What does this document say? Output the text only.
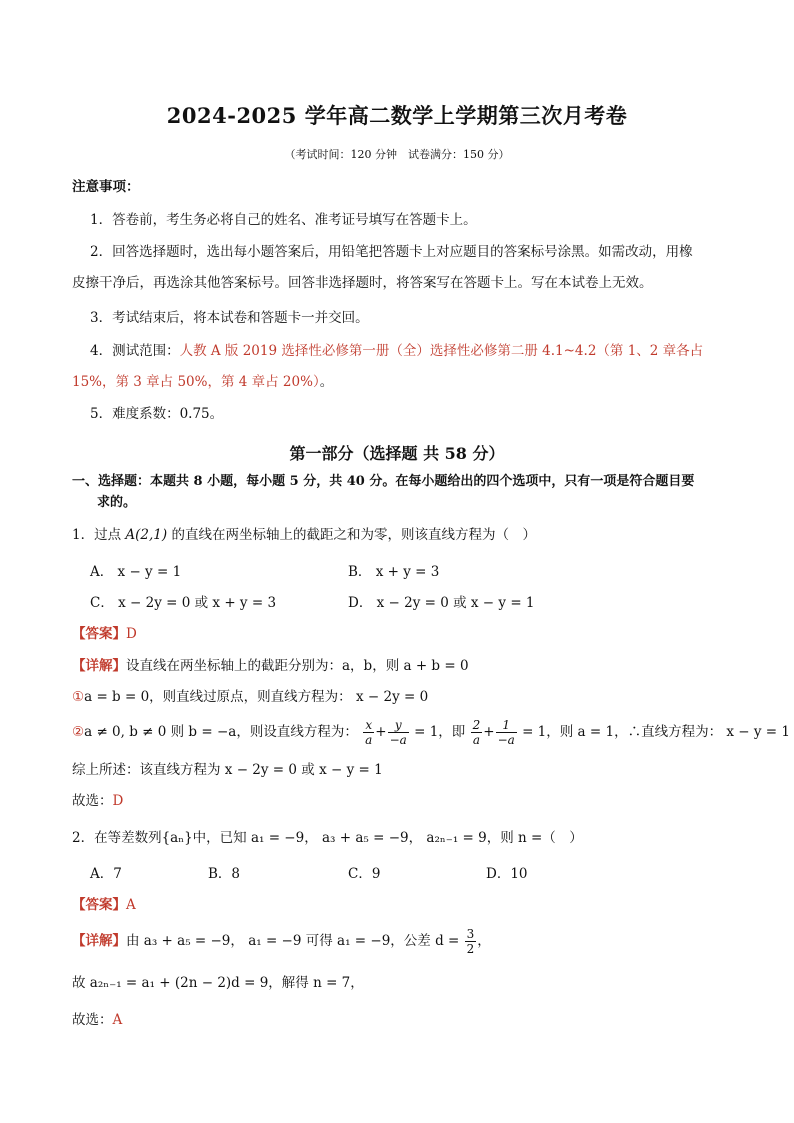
2024-2025 学年高二数学上学期第三次月考卷
（考试时间：120 分钟　试卷满分：150 分）
注意事项：
1．答卷前，考生务必将自己的姓名、准考证号填写在答题卡上。
2．回答选择题时，选出每小题答案后，用铅笔把答题卡上对应题目的答案标号涂黑。如需改动，用橡
皮擦干净后，再选涂其他答案标号。回答非选择题时，将答案写在答题卡上。写在本试卷上无效。
3．考试结束后，将本试卷和答题卡一并交回。
4．测试范围：人教 A 版 2019 选择性必修第一册（全）选择性必修第二册 4.1~4.2（第 1、2 章各占
15%，第 3 章占 50%，第 4 章占 20%）。
5．难度系数：0.75。
第一部分（选择题 共 58 分）
一、选择题：本题共 8 小题，每小题 5 分，共 40 分。在每小题给出的四个选项中，只有一项是符合题目要
求的。
1．过点 A(2,1) 的直线在两坐标轴上的截距之和为零，则该直线方程为（　）
A． x − y = 1	B． x + y = 3
C． x − 2y = 0 或 x + y = 3	D． x − 2y = 0 或 x − y = 1
【答案】D
【详解】设直线在两坐标轴上的截距分别为：a，b，则 a + b = 0
①a = b = 0，则直线过原点，则直线方程为： x − 2y = 0
②a ≠ 0, b ≠ 0 则 b = −a，则设直线方程为： $\frac{x}{a} + \frac{y}{-a} = 1$，即 $\frac{2}{a} + \frac{1}{-a} = 1$，则 a = 1，∴直线方程为： x − y = 1
综上所述：该直线方程为 x − 2y = 0 或 x − y = 1
故选：D
2．在等差数列{aₙ}中，已知 a₁ = −9， a₃ + a₅ = −9， a₂ₙ₋₁ = 9，则 n =（　）
A．7	B．8	C．9	D．10
【答案】A
【详解】由 a₃ + a₅ = −9， a₁ = −9 可得 a₁ = −9，公差 $d = \frac{3}{2}$ ，
故 a₂ₙ₋₁ = a₁ + (2n − 2)d = 9，解得 n = 7，
故选：A
